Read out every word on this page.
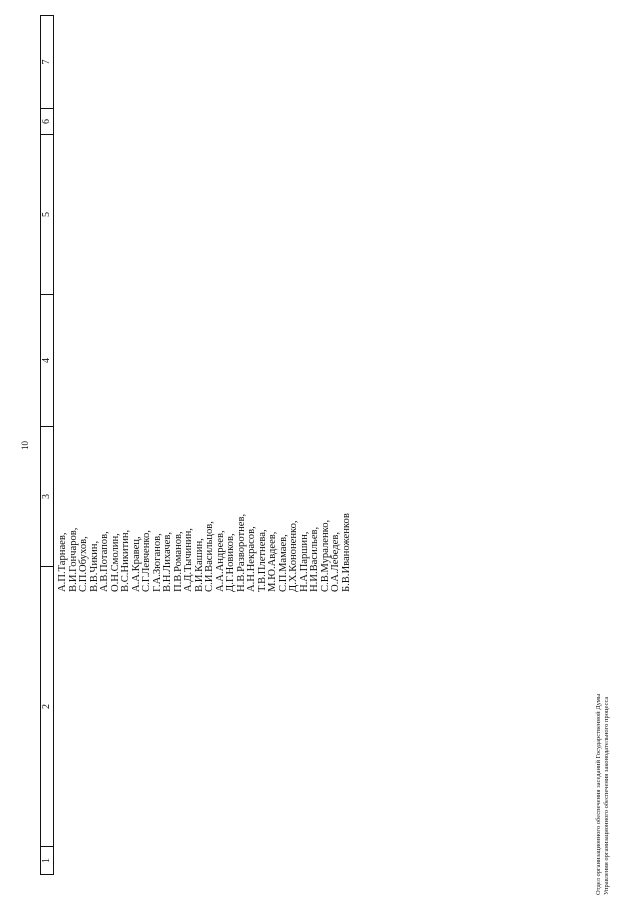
10
1
2
3
4
5
6
7
А.П.Тарнаев, В.И.Гончаров, С.П.Обухов, В.В.Чикин, А.В.Потапов, О.Н.Смолин, В.С.Никитин, А.А.Кравец, С.Г.Левченко, Г.А.Зюганов, В.Н.Лихачев, П.В.Романов, А.Д.Тычинин, В.И.Кашин, С.И.Васильцов, А.А.Андреев, Д.Г.Новиков, Н.В.Разворотнев, А.Н.Некрасов, Т.В.Плетнева, М.Ю.Авдеев, С.П.Мамаев, Д.Х.Кононенко, Н.А.Паршин, Н.И.Васильев, С.В.Мураленко, О.А.Лебедев, Б.В.Иваноженков
Отдел организационного обеспечения заседаний Государственной Думы Управления организационного обеспечения законодательного процесса
